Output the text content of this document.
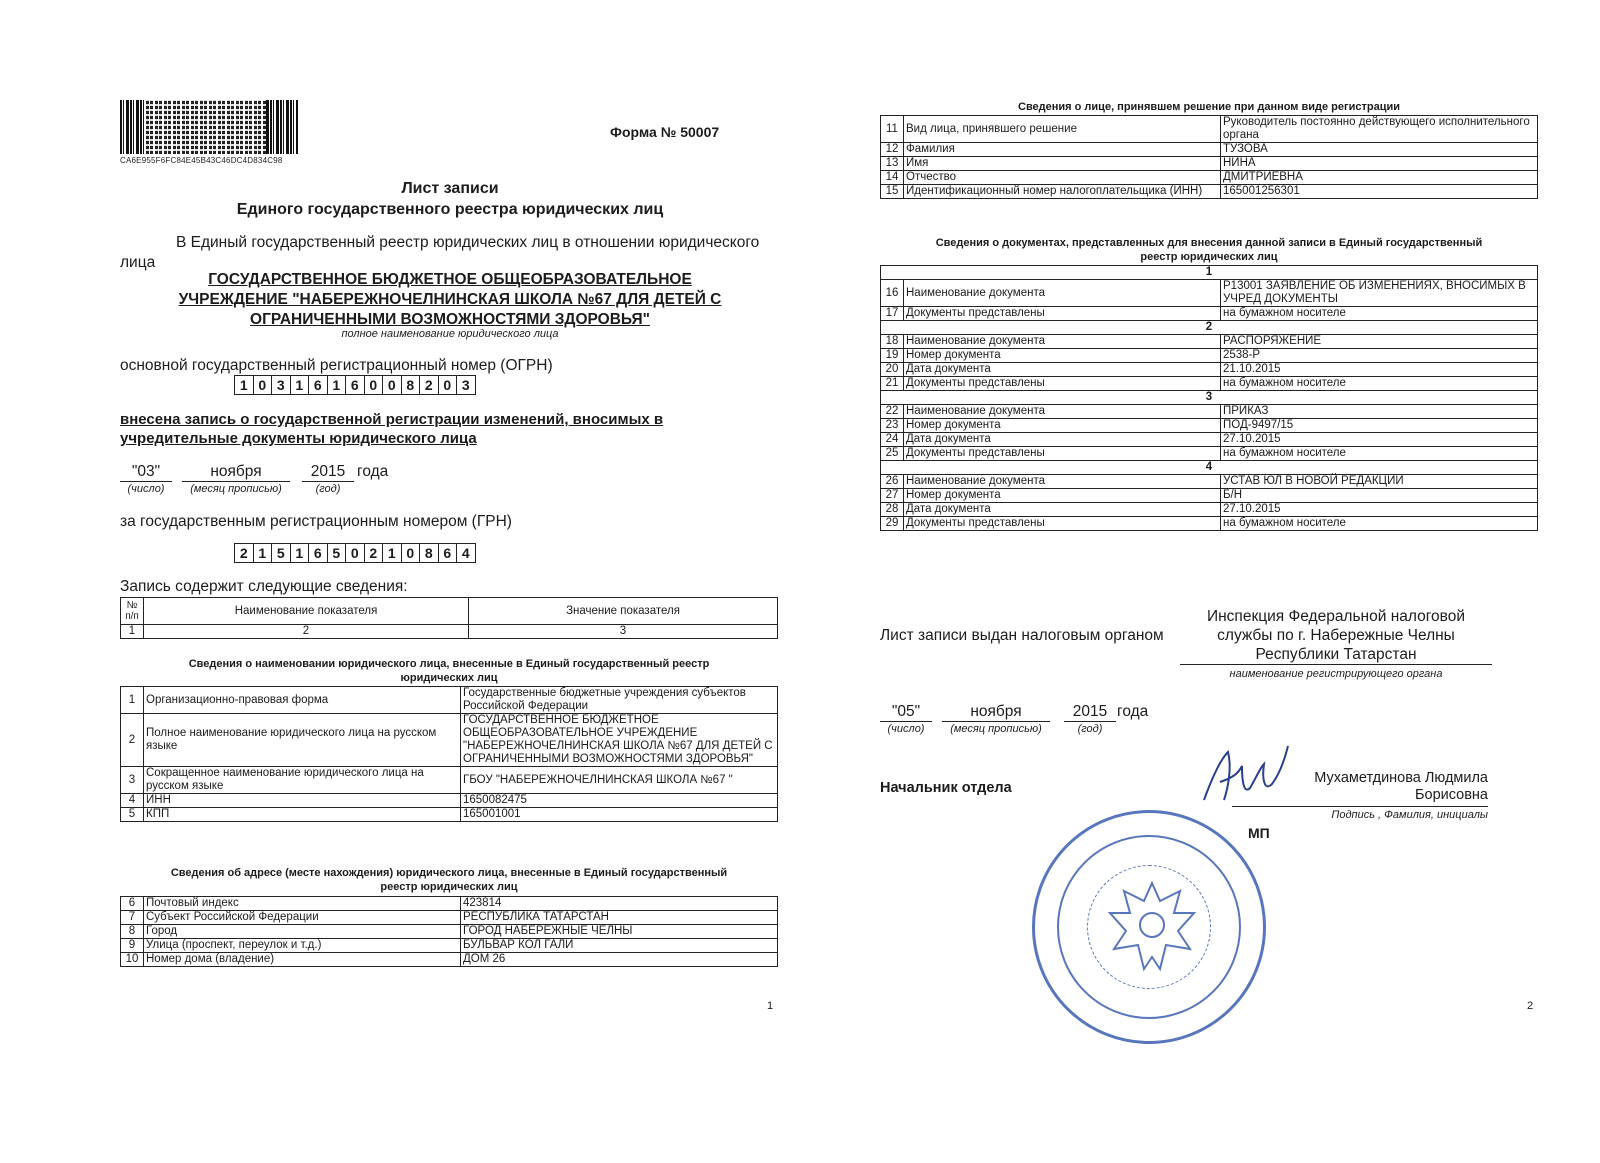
CA6E955F6FC84E45B43C46DC4D834C98
Форма № 50007
Лист записи
Единого государственного реестра юридических лиц
В Единый государственный реестр юридических лиц в отношении юридического
лица
ГОСУДАРСТВЕННОЕ БЮДЖЕТНОЕ ОБЩЕОБРАЗОВАТЕЛЬНОЕ
УЧРЕЖДЕНИЕ "НАБЕРЕЖНОЧЕЛНИНСКАЯ ШКОЛА №67 ДЛЯ ДЕТЕЙ С
ОГРАНИЧЕННЫМИ ВОЗМОЖНОСТЯМИ ЗДОРОВЬЯ"
полное наименование юридического лица
основной государственный регистрационный номер (ОГРН)
1 0 3 1 6 1 6 0 0 8 2 0 3
внесена запись о государственной регистрации изменений, вносимых в
учредительные документы юридического лица
"03"	ноября	2015 года
(число)	(месяц прописью)	(год)
за государственным регистрационным номером (ГРН)
2 1 5 1 6 5 0 2 1 0 8 6 4
Запись содержит следующие сведения:
№ п/п	Наименование показателя	Значение показателя
1	2	3
Сведения о наименовании юридического лица, внесенные в Единый государственный реестр
юридических лиц
1	Организационно-правовая форма	Государственные бюджетные учреждения субъектов Российской Федерации
2	Полное наименование юридического лица на русском языке	ГОСУДАРСТВЕННОЕ БЮДЖЕТНОЕ ОБЩЕОБРАЗОВАТЕЛЬНОЕ УЧРЕЖДЕНИЕ "НАБЕРЕЖНОЧЕЛНИНСКАЯ ШКОЛА №67 ДЛЯ ДЕТЕЙ С ОГРАНИЧЕННЫМИ ВОЗМОЖНОСТЯМИ ЗДОРОВЬЯ"
3	Сокращенное наименование юридического лица на русском языке	ГБОУ "НАБЕРЕЖНОЧЕЛНИНСКАЯ ШКОЛА №67 "
4	ИНН	1650082475
5	КПП	165001001
Сведения об адресе (месте нахождения) юридического лица, внесенные в Единый государственный
реестр юридических лиц
6	Почтовый индекс	423814
7	Субъект Российской Федерации	РЕСПУБЛИКА ТАТАРСТАН
8	Город	ГОРОД НАБЕРЕЖНЫЕ ЧЕЛНЫ
9	Улица (проспект, переулок и т.д.)	БУЛЬВАР КОЛ ГАЛИ
10	Номер дома (владение)	ДОМ 26
1
Сведения о лице, принявшем решение при данном виде регистрации
11	Вид лица, принявшего решение	Руководитель постоянно действующего исполнительного органа
12	Фамилия	ТУЗОВА
13	Имя	НИНА
14	Отчество	ДМИТРИЕВНА
15	Идентификационный номер налогоплательщика (ИНН)	165001256301
Сведения о документах, представленных для внесения данной записи в Единый государственный
реестр юридических лиц
1		
16	Наименование документа	Р13001 ЗАЯВЛЕНИЕ ОБ ИЗМЕНЕНИЯХ, ВНОСИМЫХ В УЧРЕД ДОКУМЕНТЫ
17	Документы представлены	на бумажном носителе
2		
18	Наименование документа	РАСПОРЯЖЕНИЕ
19	Номер документа	2538-Р
20	Дата документа	21.10.2015
21	Документы представлены	на бумажном носителе
3		
22	Наименование документа	ПРИКАЗ
23	Номер документа	ПОД-9497/15
24	Дата документа	27.10.2015
25	Документы представлены	на бумажном носителе
4		
26	Наименование документа	УСТАВ ЮЛ В НОВОЙ РЕДАКЦИИ
27	Номер документа	Б/Н
28	Дата документа	27.10.2015
29	Документы представлены	на бумажном носителе
Лист записи выдан налоговым органом
Инспекция Федеральной налоговой
службы по г. Набережные Челны
Республики Татарстан
наименование регистрирующего органа
"05"	ноября	2015 года
(число)	(месяц прописью)	(год)
Начальник отдела
Мухаметдинова Людмила
Борисовна
Подпись , Фамилия, инициалы
МП
2
